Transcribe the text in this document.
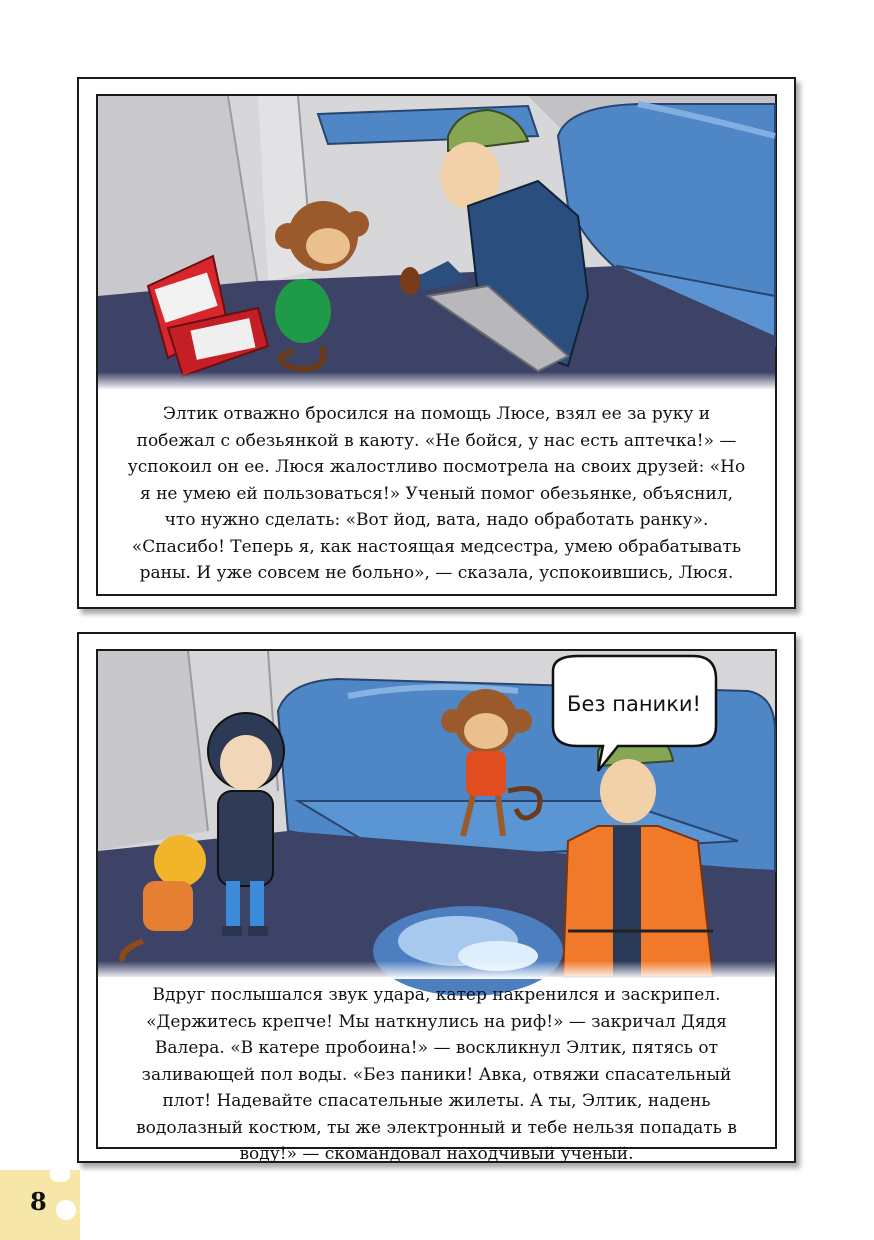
Элтик отважно бросился на помощь Люсе, взял ее за руку и
побежал с обезьянкой в каюту. «Не бойся, у нас есть аптечка!» —
успокоил он ее. Люся жалостливо посмотрела на своих друзей: «Но
я не умею ей пользоваться!» Ученый помог обезьянке, объяснил,
что нужно сделать: «Вот йод, вата, надо обработать ранку».
«Спасибо! Теперь я, как настоящая медсестра, умею обрабатывать
раны. И уже совсем не больно», — сказала, успокоившись, Люся.
Без паники!
Вдруг послышался звук удара, катер накренился и заскрипел.
«Держитесь крепче! Мы наткнулись на риф!» — закричал Дядя
Валера. «В катере пробоина!» — воскликнул Элтик, пятясь от
заливающей пол воды. «Без паники! Авка, отвяжи спасательный
плот! Надевайте спасательные жилеты. А ты, Элтик, надень
водолазный костюм, ты же электронный и тебе нельзя попадать в
воду!» — скомандовал находчивый ученый.
8
